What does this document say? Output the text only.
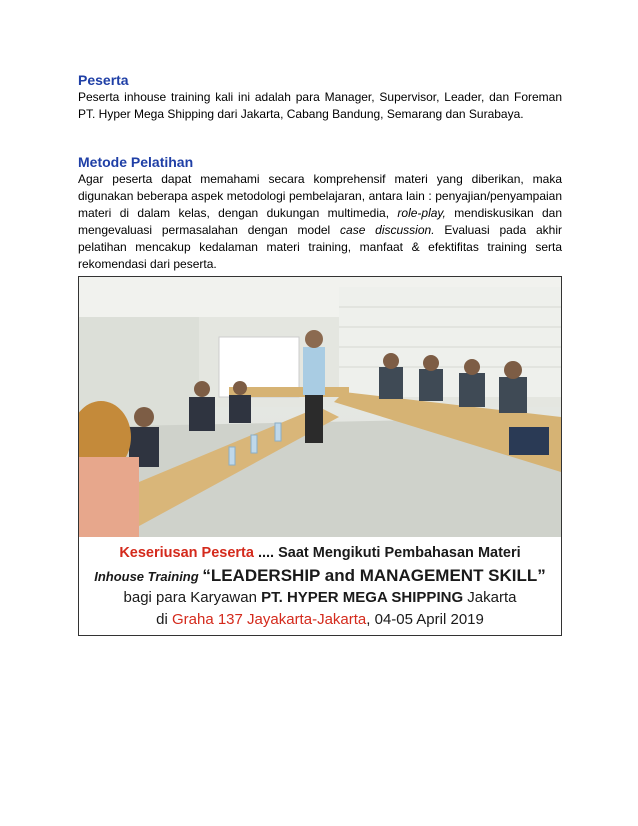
Peserta

Peserta inhouse training kali ini adalah para Manager, Supervisor, Leader, dan Foreman PT. Hyper Mega Shipping dari Jakarta, Cabang Bandung, Semarang dan Surabaya.

Metode Pelatihan

Agar peserta dapat memahami secara komprehensif materi yang diberikan, maka digunakan beberapa aspek metodologi pembelajaran, antara lain : penyajian/penyampaian materi di dalam kelas, dengan dukungan multimedia, role-play, mendiskusikan dan mengevaluasi permasalahan dengan model case discussion. Evaluasi pada akhir pelatihan mencakup kedalaman materi training, manfaat & efektifitas training serta rekomendasi dari peserta.

Keseriusan Peserta .... Saat Mengikuti Pembahasan Materi
Inhouse Training “LEADERSHIP and MANAGEMENT SKILL”
bagi para Karyawan PT. HYPER MEGA SHIPPING Jakarta
di Graha 137 Jayakarta-Jakarta, 04-05 April 2019
